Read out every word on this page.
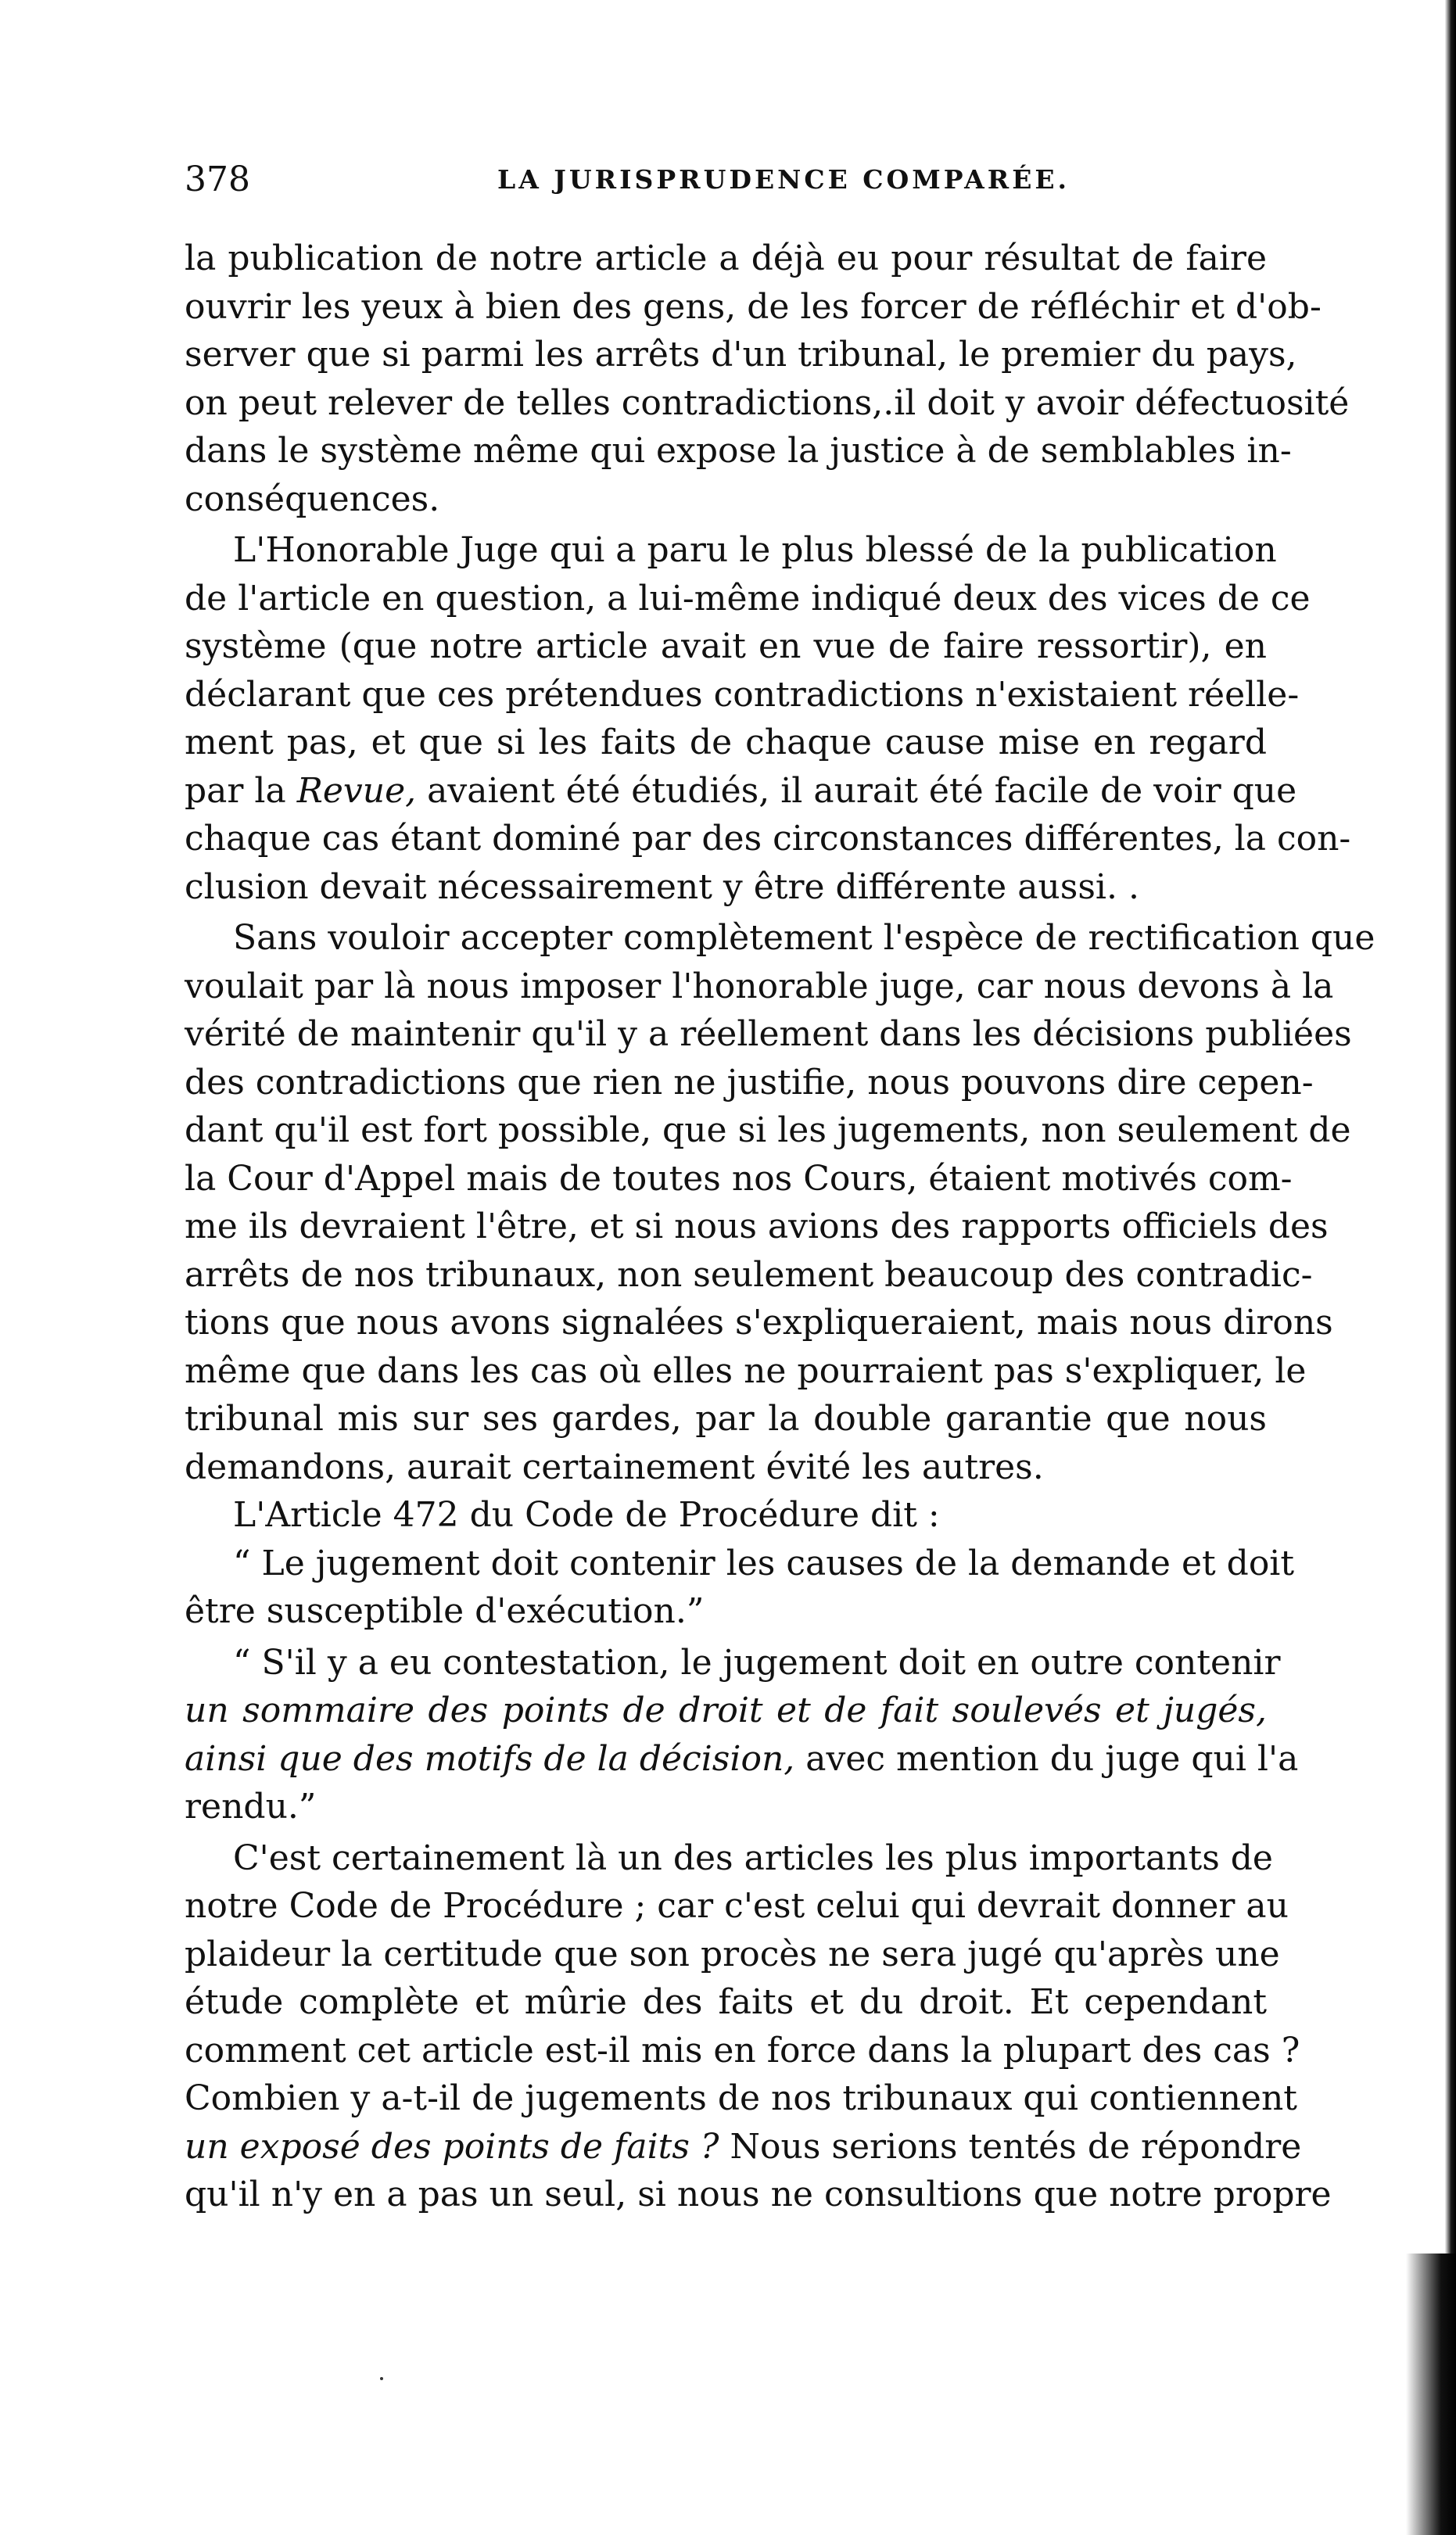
378	LA JURISPRUDENCE COMPARÉE.
la publication de notre article a déjà eu pour résultat de faire
ouvrir les yeux à bien des gens, de les forcer de réfléchir et d'ob-
server que si parmi les arrêts d'un tribunal, le premier du pays,
on peut relever de telles contradictions,.il doit y avoir défectuosité
dans le système même qui expose la justice à de semblables in-
conséquences.
L'Honorable Juge qui a paru le plus blessé de la publication
de l'article en question, a lui-même indiqué deux des vices de ce
système (que notre article avait en vue de faire ressortir), en
déclarant que ces prétendues contradictions n'existaient réelle-
ment pas, et que si les faits de chaque cause mise en regard
par la Revue, avaient été étudiés, il aurait été facile de voir que
chaque cas étant dominé par des circonstances différentes, la con-
clusion devait nécessairement y être différente aussi. .
Sans vouloir accepter complètement l'espèce de rectification que
voulait par là nous imposer l'honorable juge, car nous devons à la
vérité de maintenir qu'il y a réellement dans les décisions publiées
des contradictions que rien ne justifie, nous pouvons dire cepen-
dant qu'il est fort possible, que si les jugements, non seulement de
la Cour d'Appel mais de toutes nos Cours, étaient motivés com-
me ils devraient l'être, et si nous avions des rapports officiels des
arrêts de nos tribunaux, non seulement beaucoup des contradic-
tions que nous avons signalées s'expliqueraient, mais nous dirons
même que dans les cas où elles ne pourraient pas s'expliquer, le
tribunal mis sur ses gardes, par la double garantie que nous
demandons, aurait certainement évité les autres.
L'Article 472 du Code de Procédure dit :
“ Le jugement doit contenir les causes de la demande et doit
être susceptible d'exécution.”
“ S'il y a eu contestation, le jugement doit en outre contenir
un sommaire des points de droit et de fait soulevés et jugés,
ainsi que des motifs de la décision, avec mention du juge qui l'a
rendu.”
C'est certainement là un des articles les plus importants de
notre Code de Procédure ; car c'est celui qui devrait donner au
plaideur la certitude que son procès ne sera jugé qu'après une
étude complète et mûrie des faits et du droit. Et cependant
comment cet article est-il mis en force dans la plupart des cas ?
Combien y a-t-il de jugements de nos tribunaux qui contiennent
un exposé des points de faits ? Nous serions tentés de répondre
qu'il n'y en a pas un seul, si nous ne consultions que notre propre
